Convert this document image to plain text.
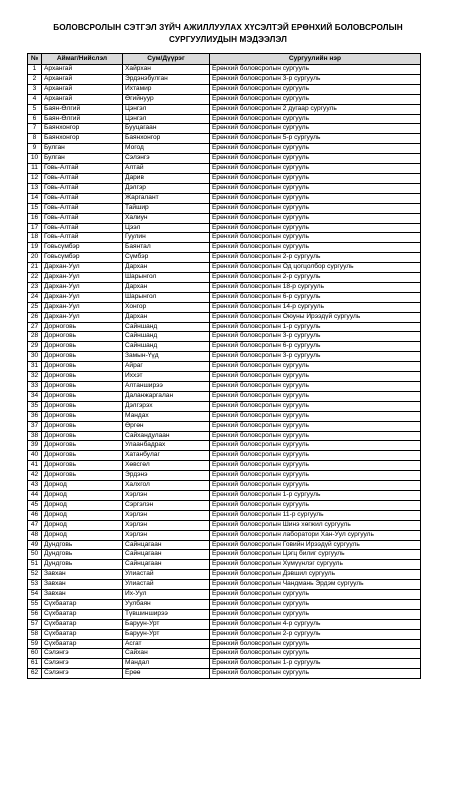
БОЛОВСРОЛЫН СЭТГЭЛ ЗҮЙЧ АЖИЛЛУУЛАХ ХҮСЭЛТЭЙ ЕРӨНХИЙ БОЛОВСРОЛЫН
СУРГУУЛИУДЫН МЭДЭЭЛЭЛ
№	Аймаг/Нийслэл	Сум/Дүүрэг	Сургуулийн нэр
1	Архангай	Хайрхан	Ерөнхий боловсролын сургууль
2	Архангай	Эрдэнэбулган	Ерөнхий боловсролын 3-р сургууль
3	Архангай	Ихтамир	Ерөнхий боловсролын сургууль
4	Архангай	Өгийнуур	Ерөнхий боловсролын сургууль
5	Баян-Өлгий	Цэнгэл	Ерөнхий боловсролын 2 дугаар сургууль
6	Баян-Өлгий	Цэнгэл	Ерөнхий боловсролын сургууль
7	Баянхонгор	Бууцагаан	Ерөнхий боловсролын сургууль
8	Баянхонгор	Баянхонгор	Ерөнхий боловсролын 5-р сургууль
9	Булган	Могод	Ерөнхий боловсролын сургууль
10	Булган	Сэлэнгэ	Ерөнхий боловсролын сургууль
11	Говь-Алтай	Алтай	Ерөнхий боловсролын сургууль
12	Говь-Алтай	Дарив	Ерөнхий боловсролын сургууль
13	Говь-Алтай	Дэлгэр	Ерөнхий боловсролын сургууль
14	Говь-Алтай	Жаргалант	Ерөнхий боловсролын сургууль
15	Говь-Алтай	Тайшир	Ерөнхий боловсролын сургууль
16	Говь-Алтай	Халиун	Ерөнхий боловсролын сургууль
17	Говь-Алтай	Цээл	Ерөнхий боловсролын сургууль
18	Говь-Алтай	Гуулин	Ерөнхий боловсролын сургууль
19	Говьсүмбэр	Баянтал	Ерөнхий боловсролын сургууль
20	Говьсүмбэр	Сүмбэр	Ерөнхий боловсролын 2-р сургууль
21	Дархан-Уул	Дархан	Ерөнхий боловсролын Од цогцолбор сургууль
22	Дархан-Уул	Шарынгол	Ерөнхий боловсролын 2-р сургууль
23	Дархан-Уул	Дархан	Ерөнхий боловсролын 18-р сургууль
24	Дархан-Уул	Шарынгол	Ерөнхий боловсролын 6-р сургууль
25	Дархан-Уул	Хонгор	Ерөнхий боловсролын 14-р сургууль
26	Дархан-Уул	Дархан	Ерөнхий боловсролын Оюуны Ирээдүй сургууль
27	Дорноговь	Сайншанд	Ерөнхий боловсролын 1-р сургууль
28	Дорноговь	Сайншанд	Ерөнхий боловсролын 3-р сургууль
29	Дорноговь	Сайншанд	Ерөнхий боловсролын 6-р сургууль
30	Дорноговь	Замын-Үүд	Ерөнхий боловсролын 3-р сургууль
31	Дорноговь	Айраг	Ерөнхий боловсролын сургууль
32	Дорноговь	Иххэт	Ерөнхий боловсролын сургууль
33	Дорноговь	Алтанширээ	Ерөнхий боловсролын сургууль
34	Дорноговь	Даланжаргалан	Ерөнхий боловсролын сургууль
35	Дорноговь	Дэлгэрэх	Ерөнхий боловсролын сургууль
36	Дорноговь	Мандах	Ерөнхий боловсролын сургууль
37	Дорноговь	Өргөн	Ерөнхий боловсролын сургууль
38	Дорноговь	Сайхандулаан	Ерөнхий боловсролын сургууль
39	Дорноговь	Улаанбадрах	Ерөнхий боловсролын сургууль
40	Дорноговь	Хатанбулаг	Ерөнхий боловсролын сургууль
41	Дорноговь	Хөвсгөл	Ерөнхий боловсролын сургууль
42	Дорноговь	Эрдэнэ	Ерөнхий боловсролын сургууль
43	Дорнод	Халхгол	Ерөнхий боловсролын сургууль
44	Дорнод	Хэрлэн	Ерөнхий боловсролын 1-р сургууль
45	Дорнод	Сэргэлэн	Ерөнхий боловсролын сургууль
46	Дорнод	Хэрлэн	Ерөнхий боловсролын 11-р сургууль
47	Дорнод	Хэрлэн	Ерөнхий боловсролын Шинэ хөгжил сургууль
48	Дорнод	Хэрлэн	Ерөнхий боловсролын лаборатори Хан-Уул сургууль
49	Дундговь	Сайнцагаан	Ерөнхий боловсролын Говийн Ирээдүй сургууль
50	Дундговь	Сайнцагаан	Ерөнхий боловсролын Цэгц билиг сургууль
51	Дундговь	Сайнцагаан	Ерөнхий боловсролын Хүмүүнлэг сургууль
52	Завхан	Улиастай	Ерөнхий боловсролын Дэвшил сургууль
53	Завхан	Улиастай	Ерөнхий боловсролын Чандмань Эрдэм сургууль
54	Завхан	Их-Уул	Ерөнхий боловсролын сургууль
55	Сүхбаатар	Уулбаян	Ерөнхий боловсролын сургууль
56	Сүхбаатар	Түвшинширээ	Ерөнхий боловсролын сургууль
57	Сүхбаатар	Баруун-Урт	Ерөнхий боловсролын 4-р сургууль
58	Сүхбаатар	Баруун-Урт	Ерөнхий боловсролын 2-р сургууль
59	Сүхбаатар	Асгат	Ерөнхий боловсролын сургууль
60	Сэлэнгэ	Сайхан	Ерөнхий боловсролын сургууль
61	Сэлэнгэ	Мандал	Ерөнхий боловсролын 1-р сургууль
62	Сэлэнгэ	Ерөө	Ерөнхий боловсролын сургууль
